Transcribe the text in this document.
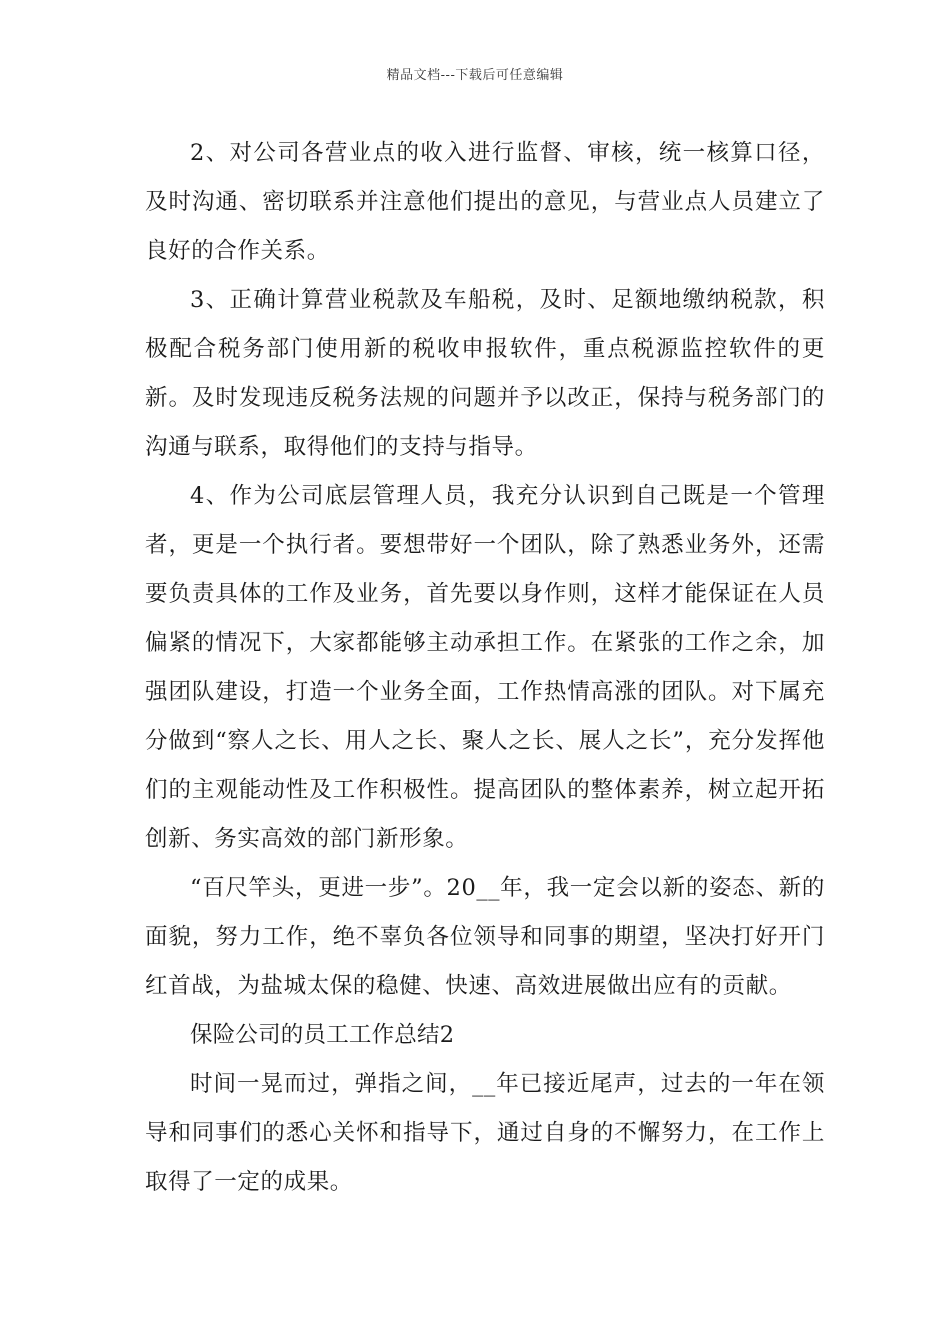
精品文档---下载后可任意编辑

2、对公司各营业点的收入进行监督、审核，统一核算口径，及时沟通、密切联系并注意他们提出的意见，与营业点人员建立了良好的合作关系。

3、正确计算营业税款及车船税，及时、足额地缴纳税款，积极配合税务部门使用新的税收申报软件，重点税源监控软件的更新。及时发现违反税务法规的问题并予以改正，保持与税务部门的沟通与联系，取得他们的支持与指导。

4、作为公司底层管理人员，我充分认识到自己既是一个管理者，更是一个执行者。要想带好一个团队，除了熟悉业务外，还需要负责具体的工作及业务，首先要以身作则，这样才能保证在人员偏紧的情况下，大家都能够主动承担工作。在紧张的工作之余，加强团队建设，打造一个业务全面，工作热情高涨的团队。对下属充分做到“察人之长、用人之长、聚人之长、展人之长”，充分发挥他们的主观能动性及工作积极性。提高团队的整体素养，树立起开拓创新、务实高效的部门新形象。

“百尺竿头，更进一步”。20__年，我一定会以新的姿态、新的面貌，努力工作，绝不辜负各位领导和同事的期望，坚决打好开门红首战，为盐城太保的稳健、快速、高效进展做出应有的贡献。

保险公司的员工工作总结2

时间一晃而过，弹指之间，__年已接近尾声，过去的一年在领导和同事们的悉心关怀和指导下，通过自身的不懈努力，在工作上取得了一定的成果。
